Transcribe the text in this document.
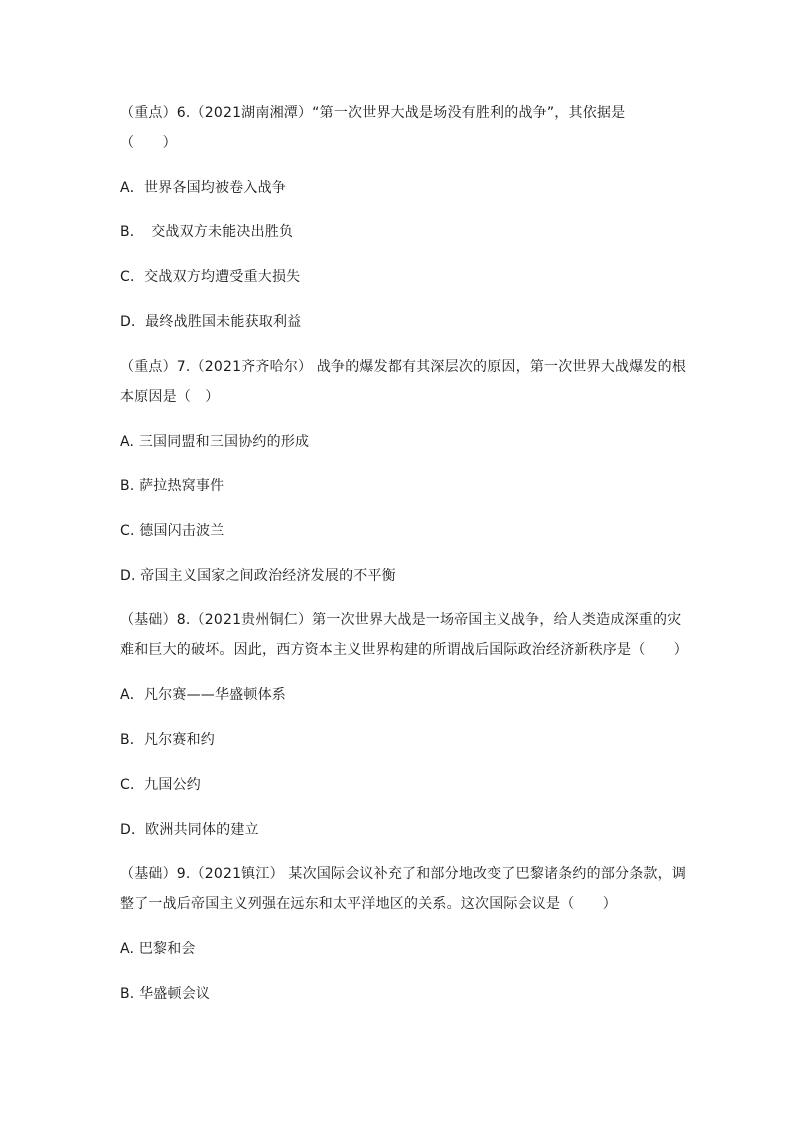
（重点）6.（2021湖南湘潭）“第一次世界大战是场没有胜利的战争”，其依据是
（　　）
A．世界各国均被卷入战争
B．　交战双方未能决出胜负
C．交战双方均遭受重大损失
D．最终战胜国未能获取利益
（重点）7.（2021齐齐哈尔） 战争的爆发都有其深层次的原因，第一次世界大战爆发的根
本原因是（　）
A. 三国同盟和三国协约的形成
B. 萨拉热窝事件
C. 德国闪击波兰
D. 帝国主义国家之间政治经济发展的不平衡
（基础）8.（2021贵州铜仁）第一次世界大战是一场帝国主义战争，给人类造成深重的灾
难和巨大的破坏。因此，西方资本主义世界构建的所谓战后国际政治经济新秩序是（　　）
A．凡尔赛——华盛顿体系
B．凡尔赛和约
C．九国公约
D．欧洲共同体的建立
（基础）9.（2021镇江） 某次国际会议补充了和部分地改变了巴黎诸条约的部分条款，调
整了一战后帝国主义列强在远东和太平洋地区的关系。这次国际会议是（　　）
A. 巴黎和会
B. 华盛顿会议
